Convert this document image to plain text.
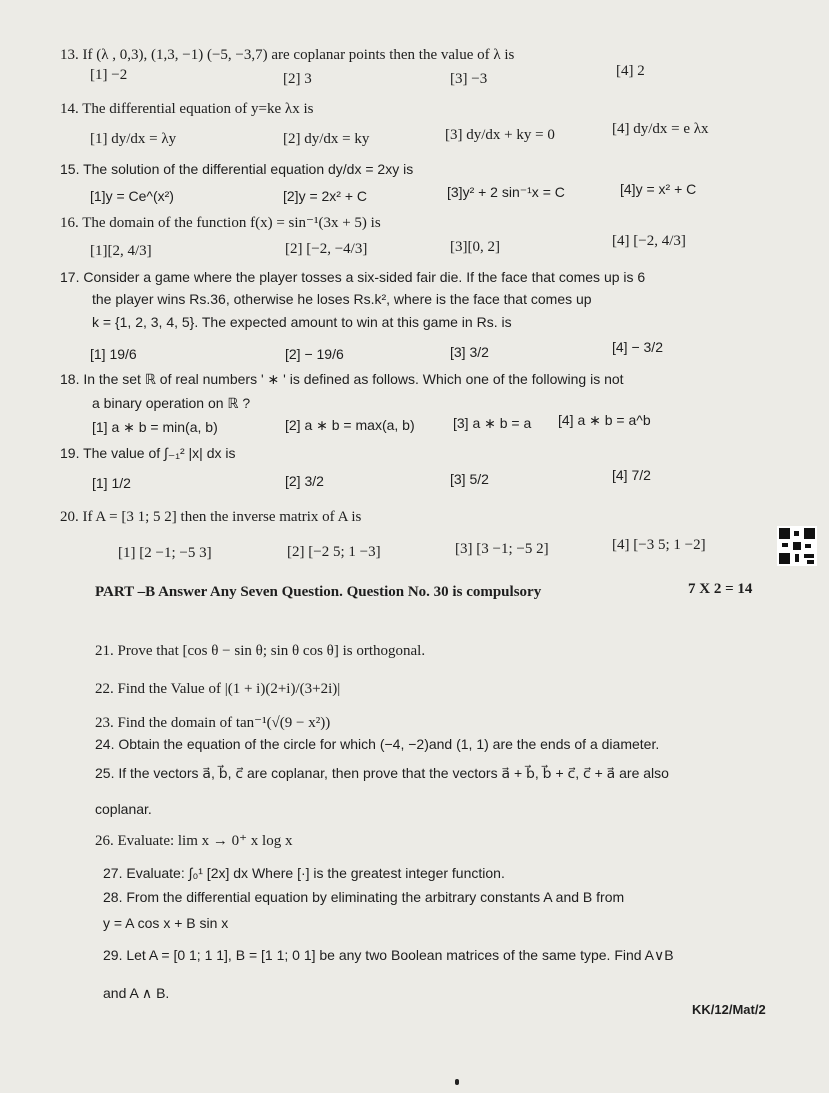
13. If (λ , 0,3), (1,3, −1) (−5, −3,7) are coplanar points then the value of λ is
[1] −2	[2] 3	[3] −3	[4] 2
14. The differential equation of y=ke λx is
[1] dy/dx = λy	[2] dy/dx = ky	[3] dy/dx + ky = 0	[4] dy/dx = e λx
15. The solution of the differential equation dy/dx = 2xy is
[1]y = Ce^(x²)	[2]y = 2x² + C	[3]y² + 2 sin⁻¹x = C	[4]y = x² + C
16. The domain of the function f(x) = sin⁻¹(3x + 5) is
[1][2, 4/3]	[2] [−2, −4/3]	[3][0, 2]	[4] [−2, 4/3]
17. Consider a game where the player tosses a six-sided fair die. If the face that comes up is 6
the player wins Rs.36, otherwise he loses Rs.k², where is the face that comes up
k = {1, 2, 3, 4, 5}. The expected amount to win at this game in Rs. is
[1] 19/6	[2] − 19/6	[3] 3/2	[4] − 3/2
18. In the set ℝ of real numbers ' ∗ ' is defined as follows. Which one of the following is not
a binary operation on ℝ ?
[1] a ∗ b = min(a, b)	[2] a ∗ b = max(a, b)	[3] a ∗ b = a [4] a ∗ b = a^b
19. The value of ∫₋₁² |x| dx is
[1] 1/2	[2] 3/2	[3] 5/2	[4] 7/2
20. If A = [3 1; 5 2] then the inverse matrix of A is
[1] [2 −1; −5 3]	[2] [−2 5; 1 −3]	[3] [3 −1; −5 2]	[4] [−3 5; 1 −2]
PART –B Answer Any Seven Question. Question No. 30 is compulsory	7 X 2 = 14
21. Prove that [cos θ − sin θ; sin θ cos θ] is orthogonal.
22. Find the Value of |(1 + i)(2+i)/(3+2i)|
23. Find the domain of tan⁻¹(√(9 − x²))
24. Obtain the equation of the circle for which (−4, −2)and (1, 1) are the ends of a diameter.
25. If the vectors a⃗, b⃗, c⃗ are coplanar, then prove that the vectors a⃗ + b⃗, b⃗ + c⃗, c⃗ + a⃗ are also
coplanar.
26. Evaluate: lim x → 0⁺ x log x
27. Evaluate: ∫₀¹ [2x] dx Where [·] is the greatest integer function.
28. From the differential equation by eliminating the arbitrary constants A and B from
y = A cos x + B sin x
29. Let A = [0 1; 1 1], B = [1 1; 0 1] be any two Boolean matrices of the same type. Find A∨B
and A ∧ B.
KK/12/Mat/2
